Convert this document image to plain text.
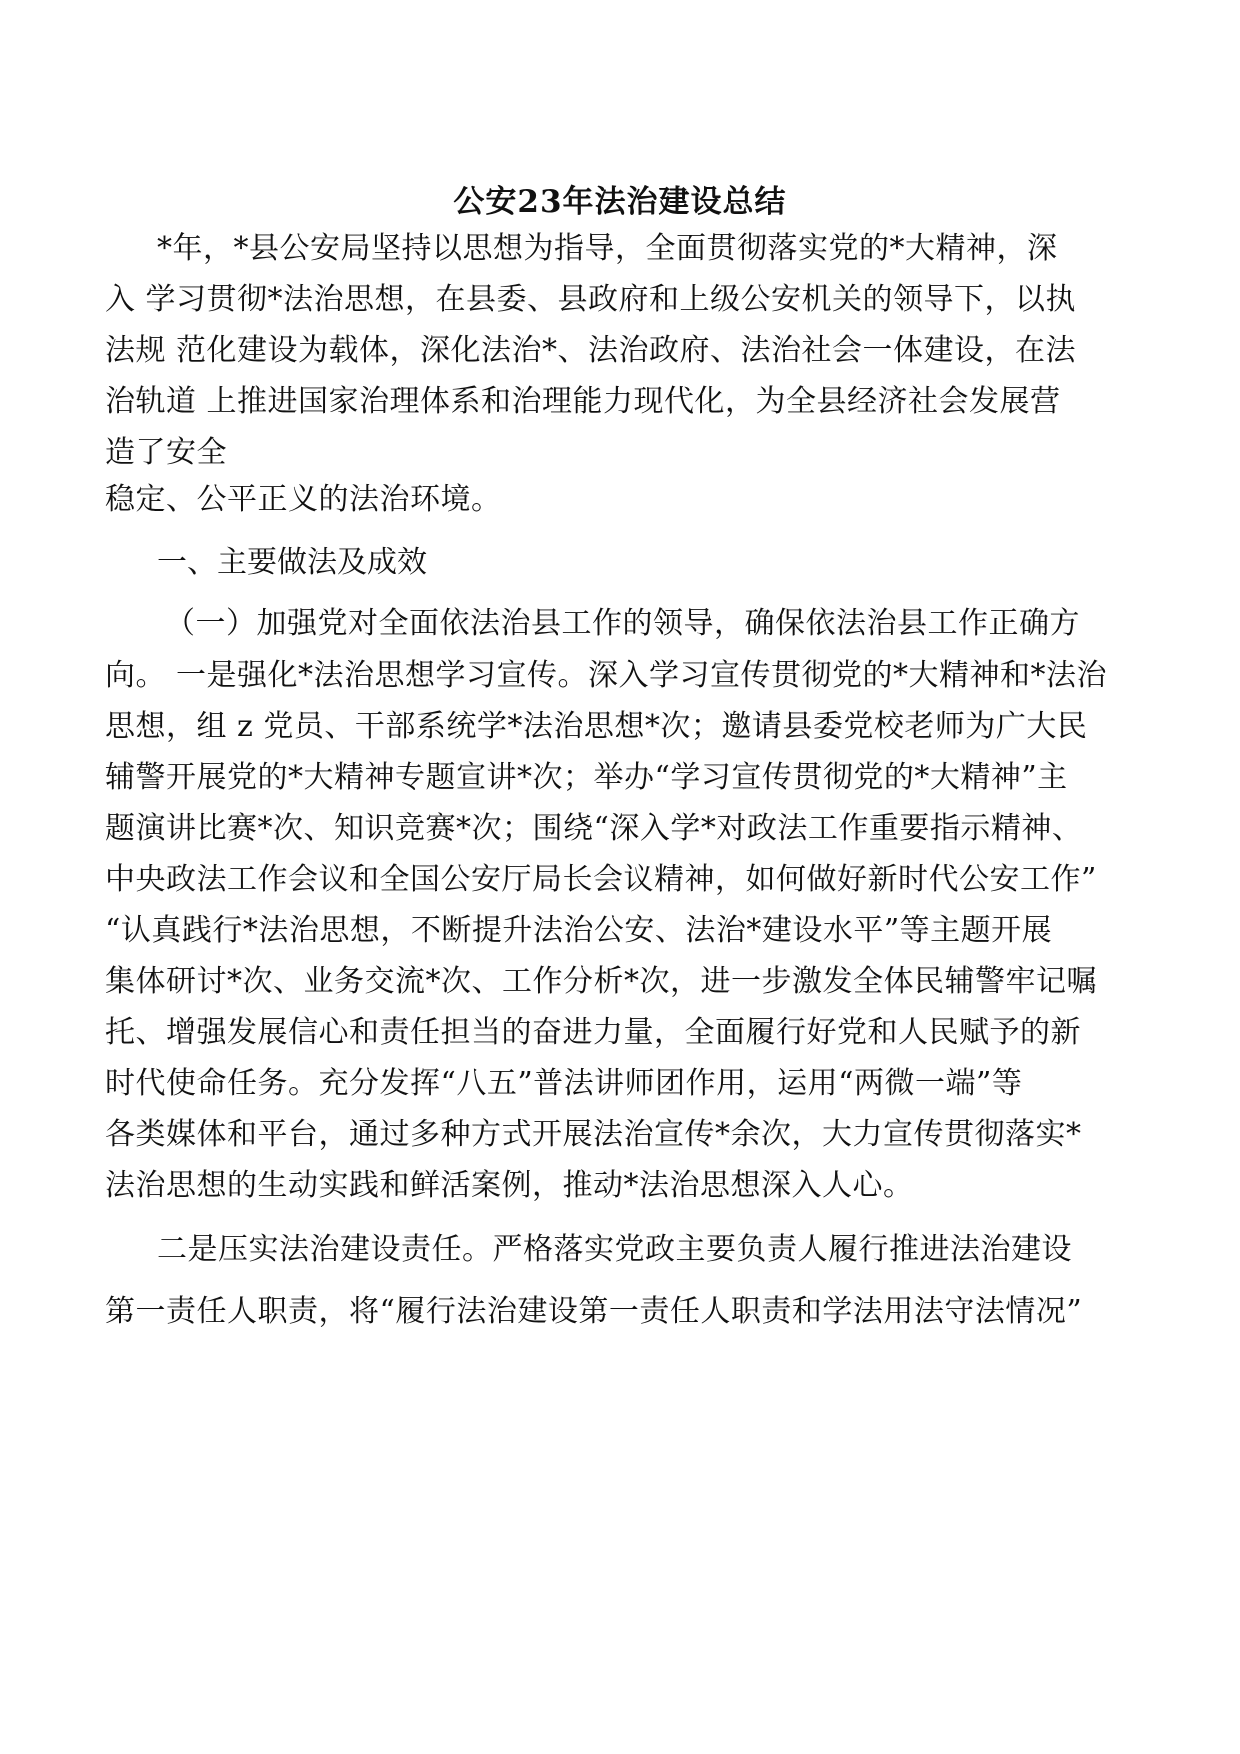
公安23年法治建设总结
*年，*县公安局坚持以思想为指导，全面贯彻落实党的*大精神，深
入 学习贯彻*法治思想，在县委、县政府和上级公安机关的领导下，以执
法规 范化建设为载体，深化法治*、法治政府、法治社会一体建设，在法
治轨道 上推进国家治理体系和治理能力现代化，为全县经济社会发展营
造了安全
稳定、公平正义的法治环境。
一、主要做法及成效
（一）加强党对全面依法治县工作的领导，确保依法治县工作正确方
向。 一是强化*法治思想学习宣传。深入学习宣传贯彻党的*大精神和*法治
思想，组 z 党员、干部系统学*法治思想*次；邀请县委党校老师为广大民
辅警开展党的*大精神专题宣讲*次；举办“学习宣传贯彻党的*大精神”主
题演讲比赛*次、知识竞赛*次；围绕“深入学*对政法工作重要指示精神、
中央政法工作会议和全国公安厅局长会议精神，如何做好新时代公安工作”
“认真践行*法治思想，不断提升法治公安、法治*建设水平”等主题开展
集体研讨*次、业务交流*次、工作分析*次，进一步激发全体民辅警牢记嘱
托、增强发展信心和责任担当的奋进力量，全面履行好党和人民赋予的新
时代使命任务。充分发挥“八五”普法讲师团作用，运用“两微一端”等
各类媒体和平台，通过多种方式开展法治宣传*余次，大力宣传贯彻落实*
法治思想的生动实践和鲜活案例，推动*法治思想深入人心。
二是压实法治建设责任。严格落实党政主要负责人履行推进法治建设
第一责任人职责，将“履行法治建设第一责任人职责和学法用法守法情况”
